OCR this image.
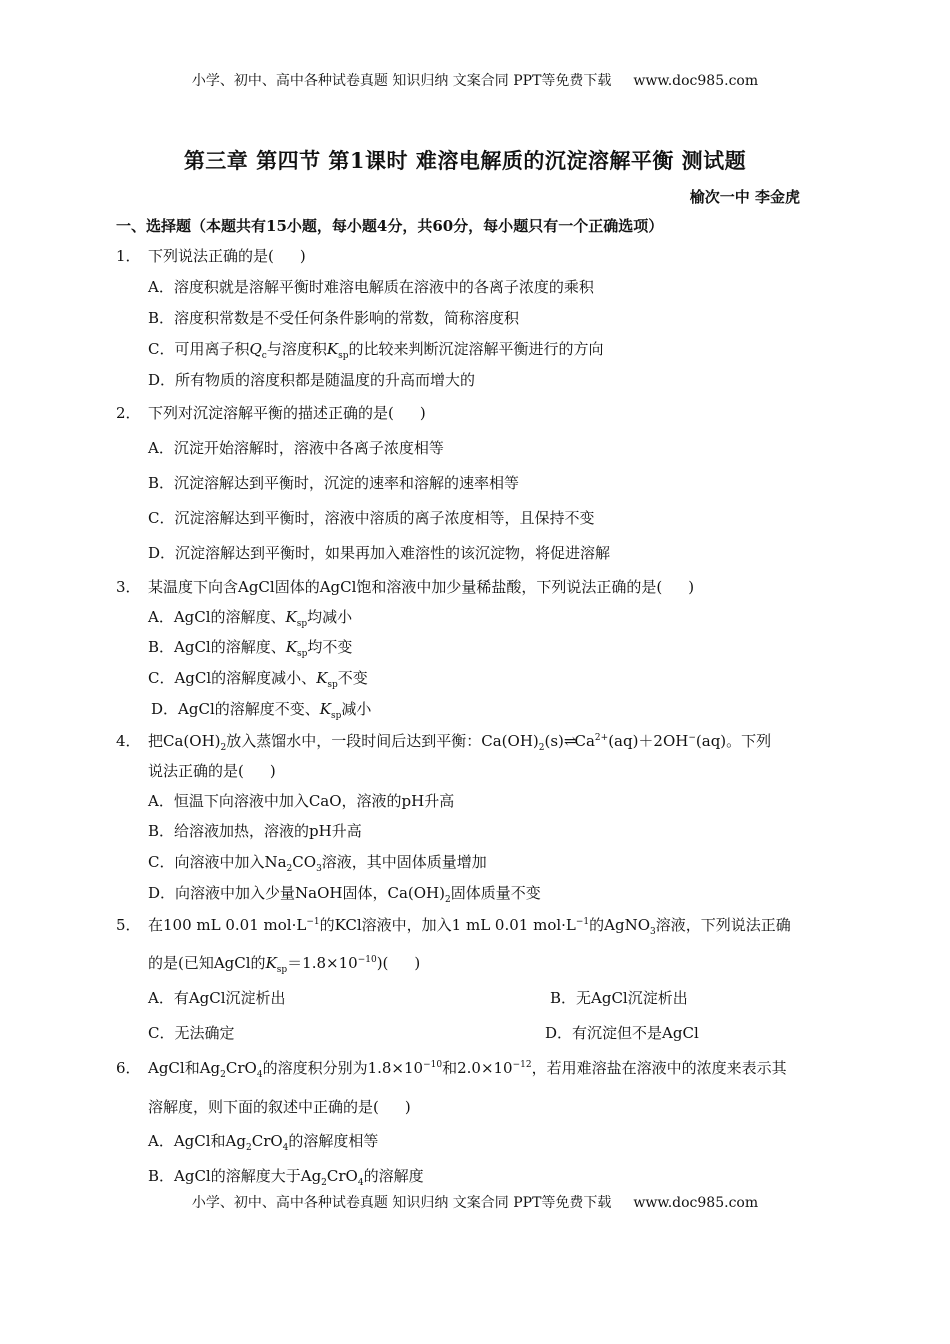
小学、初中、高中各种试卷真题 知识归纳 文案合同 PPT等免费下载 www.doc985.com
第三章 第四节 第1课时 难溶电解质的沉淀溶解平衡 测试题
榆次一中 李金虎
一、选择题（本题共有15小题，每小题4分，共60分，每小题只有一个正确选项）
1． 下列说法正确的是( )
A．溶度积就是溶解平衡时难溶电解质在溶液中的各离子浓度的乘积
B．溶度积常数是不受任何条件影响的常数，简称溶度积
C．可用离子积$Q_c$与溶度积$K_{sp}$的比较来判断沉淀溶解平衡进行的方向
D．所有物质的溶度积都是随温度的升高而增大的
2． 下列对沉淀溶解平衡的描述正确的是( )
A．沉淀开始溶解时，溶液中各离子浓度相等
B．沉淀溶解达到平衡时，沉淀的速率和溶解的速率相等
C．沉淀溶解达到平衡时，溶液中溶质的离子浓度相等，且保持不变
D．沉淀溶解达到平衡时，如果再加入难溶性的该沉淀物，将促进溶解
3． 某温度下向含AgCl固体的AgCl饱和溶液中加少量稀盐酸，下列说法正确的是( )
A．AgCl的溶解度、$K_{sp}$均减小
B．AgCl的溶解度、$K_{sp}$均不变
C．AgCl的溶解度减小、$K_{sp}$不变
D．AgCl的溶解度不变、$K_{sp}$减小
4． 把$Ca(OH)_2$放入蒸馏水中，一段时间后达到平衡：$Ca(OH)_2(s)\rightleftharpoons Ca^{2+}(aq)+2OH^-(aq)$。下列
说法正确的是( )
A．恒温下向溶液中加入CaO，溶液的pH升高
B．给溶液加热，溶液的pH升高
C．向溶液中加入$Na_2CO_3$溶液，其中固体质量增加
D．向溶液中加入少量NaOH固体，$Ca(OH)_2$固体质量不变
5． 在100 mL 0.01 $mol\cdot L^{-1}$的KCl溶液中，加入1 mL 0.01 $mol\cdot L^{-1}$的AgNO$_3$溶液，下列说法正确
的是(已知AgCl的$K_{sp}=1.8\times 10^{-10}$)( )
A．有AgCl沉淀析出	B．无AgCl沉淀析出
C．无法确定	D．有沉淀但不是AgCl
6． AgCl和$Ag_2CrO_4$的溶度积分别为$1.8\times 10^{-10}$和$2.0\times 10^{-12}$，若用难溶盐在溶液中的浓度来表示其
溶解度，则下面的叙述中正确的是( )
A．AgCl和$Ag_2CrO_4$的溶解度相等
B．AgCl的溶解度大于$Ag_2CrO_4$的溶解度
小学、初中、高中各种试卷真题 知识归纳 文案合同 PPT等免费下载 www.doc985.com
